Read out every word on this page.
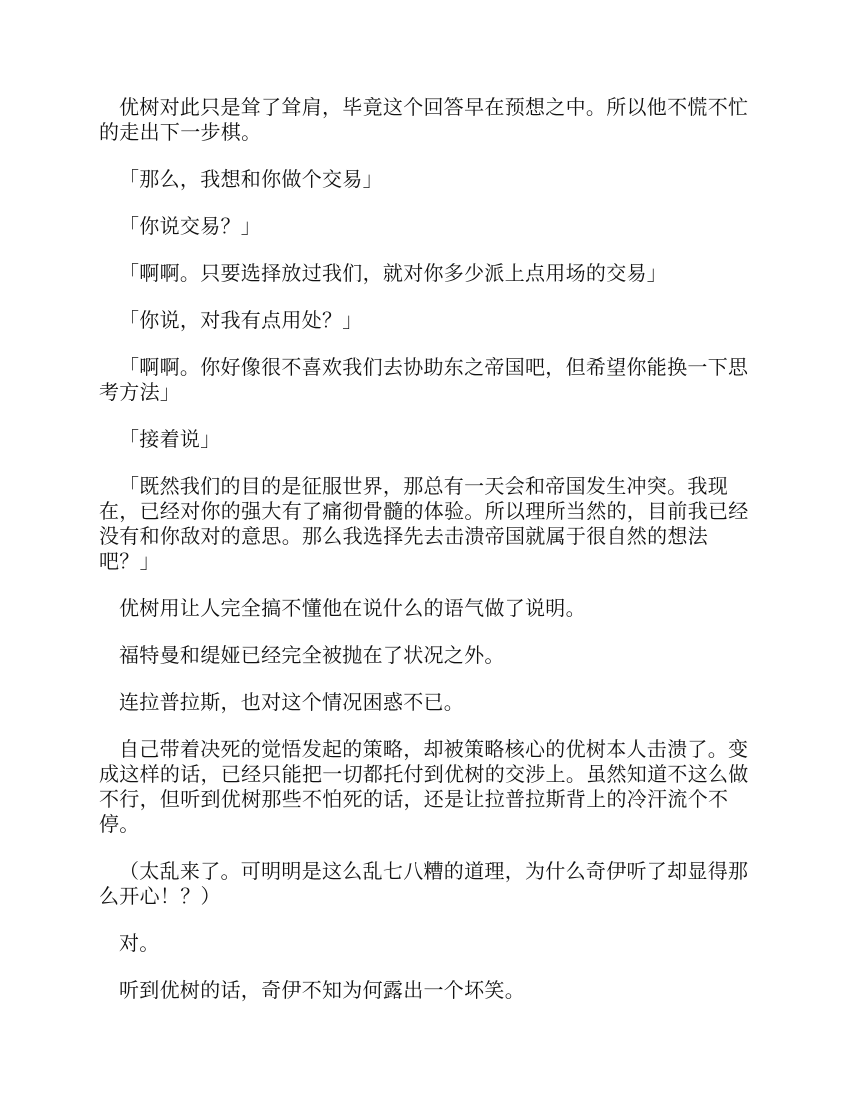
优树对此只是耸了耸肩，毕竟这个回答早在预想之中。所以他不慌不忙的走出下一步棋。

「那么，我想和你做个交易」

「你说交易？」

「啊啊。只要选择放过我们，就对你多少派上点用场的交易」

「你说，对我有点用处？」

「啊啊。你好像很不喜欢我们去协助东之帝国吧，但希望你能换一下思考方法」

「接着说」

「既然我们的目的是征服世界，那总有一天会和帝国发生冲突。我现在，已经对你的强大有了痛彻骨髓的体验。所以理所当然的，目前我已经没有和你敌对的意思。那么我选择先去击溃帝国就属于很自然的想法吧？」

优树用让人完全搞不懂他在说什么的语气做了说明。

福特曼和缇娅已经完全被抛在了状况之外。

连拉普拉斯，也对这个情况困惑不已。

自己带着决死的觉悟发起的策略，却被策略核心的优树本人击溃了。变成这样的话，已经只能把一切都托付到优树的交涉上。虽然知道不这么做不行，但听到优树那些不怕死的话，还是让拉普拉斯背上的冷汗流个不停。

（太乱来了。可明明是这么乱七八糟的道理，为什么奇伊听了却显得那么开心！？）

对。

听到优树的话，奇伊不知为何露出一个坏笑。
